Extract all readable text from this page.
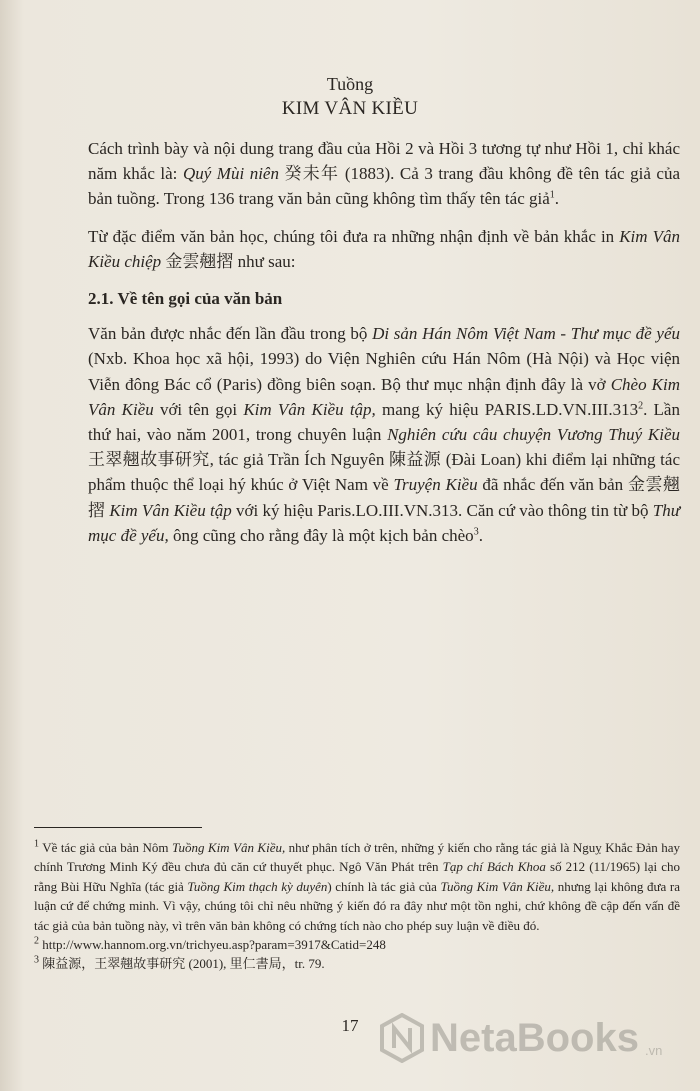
Tuồng
KIM VÂN KIỀU

Cách trình bày và nội dung trang đầu của Hồi 2 và Hồi 3 tương tự như Hồi 1, chỉ khác năm khắc là: Quý Mùi niên 癸未年 (1883). Cả 3 trang đầu không đề tên tác giả của bản tuồng. Trong 136 trang văn bản cũng không tìm thấy tên tác giả$^1$.

Từ đặc điểm văn bản học, chúng tôi đưa ra những nhận định về bản khắc in Kim Vân Kiều chiệp 金雲翹摺 như sau:

2.1. Về tên gọi của văn bản

Văn bản được nhắc đến lần đầu trong bộ Di sản Hán Nôm Việt Nam - Thư mục đề yếu (Nxb. Khoa học xã hội, 1993) do Viện Nghiên cứu Hán Nôm (Hà Nội) và Học viện Viễn đông Bác cổ (Paris) đồng biên soạn. Bộ thư mục nhận định đây là vở Chèo Kim Vân Kiều với tên gọi Kim Vân Kiều tập, mang ký hiệu PARIS.LD.VN.III.313$^2$. Lần thứ hai, vào năm 2001, trong chuyên luận Nghiên cứu câu chuyện Vương Thuý Kiều 王翠翹故事研究, tác giả Trần Ích Nguyên 陳益源 (Đài Loan) khi điểm lại những tác phẩm thuộc thể loại hý khúc ở Việt Nam về Truyện Kiều đã nhắc đến văn bản 金雲翹摺 Kim Vân Kiều tập với ký hiệu Paris.LO.III.VN.313. Căn cứ vào thông tin từ bộ Thư mục đề yếu, ông cũng cho rằng đây là một kịch bản chèo$^3$.

$^1$ Về tác giả của bản Nôm Tuồng Kim Vân Kiều, như phân tích ở trên, những ý kiến cho rằng tác giả là Nguỵ Khắc Đản hay chính Trương Minh Ký đều chưa đủ căn cứ thuyết phục. Ngô Văn Phát trên Tạp chí Bách Khoa số 212 (11/1965) lại cho rằng Bùi Hữu Nghĩa (tác giả Tuồng Kim thạch kỳ duyên) chính là tác giả của Tuồng Kim Vân Kiều, nhưng lại không đưa ra luận cứ để chứng minh. Vì vậy, chúng tôi chỉ nêu những ý kiến đó ra đây như một tồn nghi, chứ không đề cập đến vấn đề tác giả của bản tuồng này, vì trên văn bản không có chứng tích nào cho phép suy luận về điều đó.

$^2$ http://www.hannom.org.vn/trichyeu.asp?param=3917&Catid=248

$^3$ 陳益源，王翠翹故事研究 (2001), 里仁書局，tr. 79.

17	NetaBooks .vn
